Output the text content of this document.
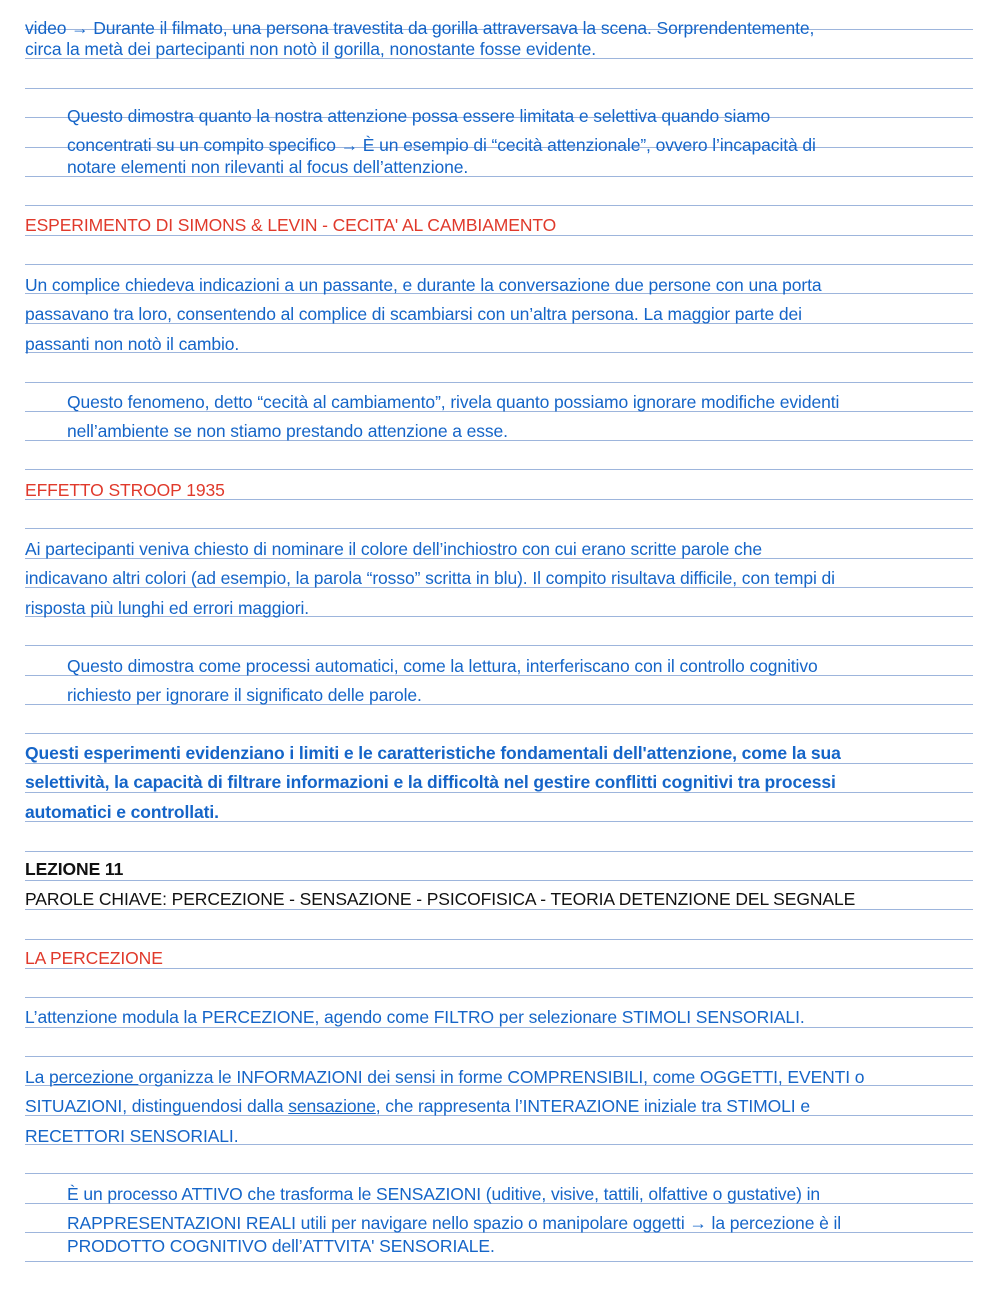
video → Durante il filmato, una persona travestita da gorilla attraversava la scena. Sorprendentemente,
circa la metà dei partecipanti non notò il gorilla, nonostante fosse evidente.
Questo dimostra quanto la nostra attenzione possa essere limitata e selettiva quando siamo
concentrati su un compito specifico → È un esempio di “cecità attenzionale”, ovvero l’incapacità di
notare elementi non rilevanti al focus dell’attenzione.
ESPERIMENTO DI SIMONS & LEVIN - CECITA' AL CAMBIAMENTO
Un complice chiedeva indicazioni a un passante, e durante la conversazione due persone con una porta
passavano tra loro, consentendo al complice di scambiarsi con un’altra persona. La maggior parte dei
passanti non notò il cambio.
Questo fenomeno, detto “cecità al cambiamento”, rivela quanto possiamo ignorare modifiche evidenti
nell’ambiente se non stiamo prestando attenzione a esse.
EFFETTO STROOP 1935
Ai partecipanti veniva chiesto di nominare il colore dell’inchiostro con cui erano scritte parole che
indicavano altri colori (ad esempio, la parola “rosso” scritta in blu). Il compito risultava difficile, con tempi di
risposta più lunghi ed errori maggiori.
Questo dimostra come processi automatici, come la lettura, interferiscano con il controllo cognitivo
richiesto per ignorare il significato delle parole.
Questi esperimenti evidenziano i limiti e le caratteristiche fondamentali dell'attenzione, come la sua
selettività, la capacità di filtrare informazioni e la difficoltà nel gestire conflitti cognitivi tra processi
automatici e controllati.
LEZIONE 11
PAROLE CHIAVE: PERCEZIONE - SENSAZIONE - PSICOFISICA - TEORIA DETENZIONE DEL SEGNALE
LA PERCEZIONE
L’attenzione modula la PERCEZIONE, agendo come FILTRO per selezionare STIMOLI SENSORIALI.
La percezione organizza le INFORMAZIONI dei sensi in forme COMPRENSIBILI, come OGGETTI, EVENTI o
SITUAZIONI, distinguendosi dalla sensazione, che rappresenta l’INTERAZIONE iniziale tra STIMOLI e
RECETTORI SENSORIALI.
È un processo ATTIVO che trasforma le SENSAZIONI (uditive, visive, tattili, olfattive o gustative) in
RAPPRESENTAZIONI REALI utili per navigare nello spazio o manipolare oggetti → la percezione è il
PRODOTTO COGNITIVO dell’ATTVITA' SENSORIALE.
